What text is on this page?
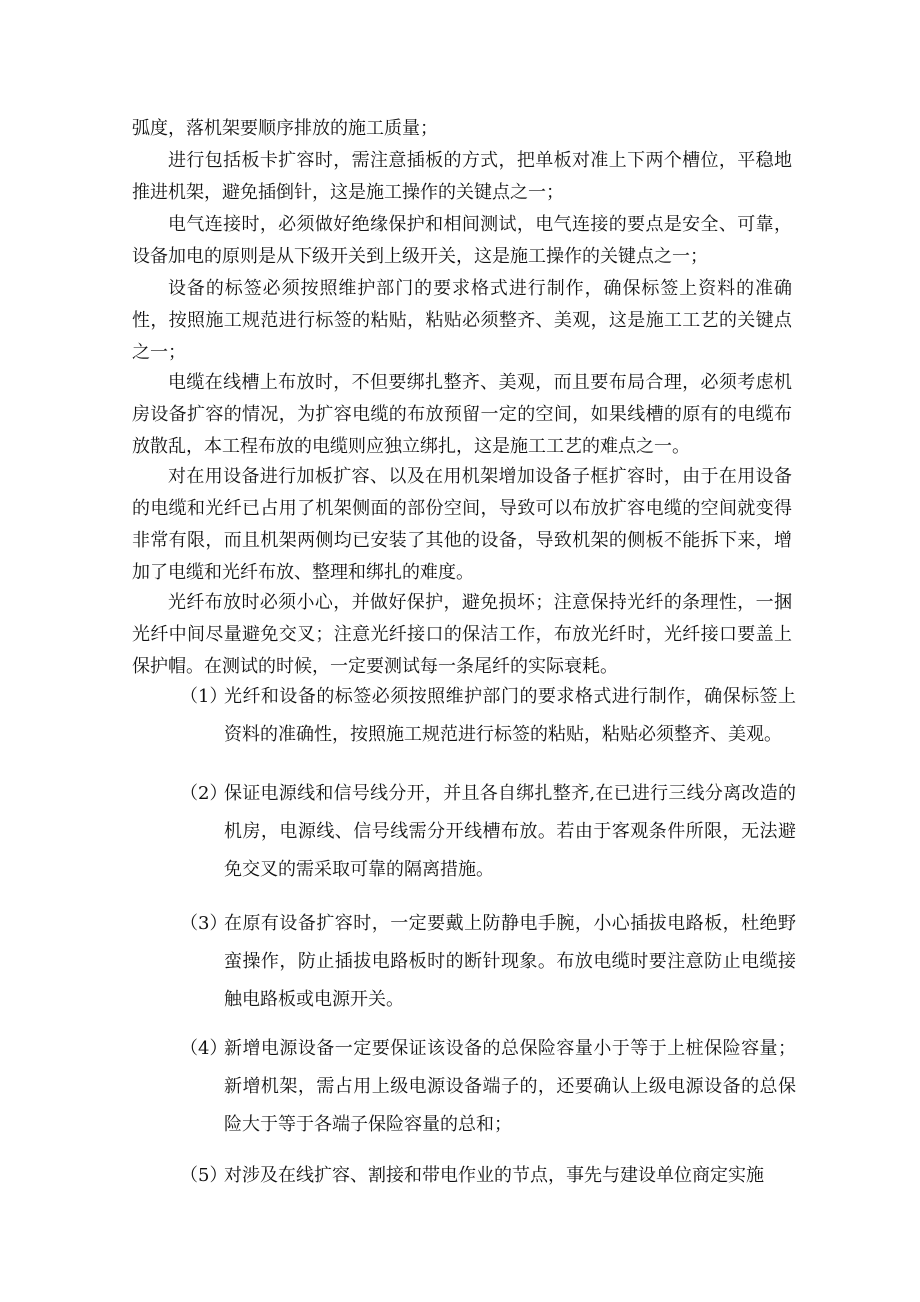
弧度，落机架要顺序排放的施工质量；

进行包括板卡扩容时，需注意插板的方式，把单板对准上下两个槽位，平稳地推进机架，避免插倒针，这是施工操作的关键点之一；

电气连接时，必须做好绝缘保护和相间测试，电气连接的要点是安全、可靠，设备加电的原则是从下级开关到上级开关，这是施工操作的关键点之一；

设备的标签必须按照维护部门的要求格式进行制作，确保标签上资料的准确性，按照施工规范进行标签的粘贴，粘贴必须整齐、美观，这是施工工艺的关键点之一；

电缆在线槽上布放时，不但要绑扎整齐、美观，而且要布局合理，必须考虑机房设备扩容的情况，为扩容电缆的布放预留一定的空间，如果线槽的原有的电缆布放散乱，本工程布放的电缆则应独立绑扎，这是施工工艺的难点之一。

对在用设备进行加板扩容、以及在用机架增加设备子框扩容时，由于在用设备的电缆和光纤已占用了机架侧面的部份空间，导致可以布放扩容电缆的空间就变得非常有限，而且机架两侧均已安装了其他的设备，导致机架的侧板不能拆下来，增加了电缆和光纤布放、整理和绑扎的难度。

光纤布放时必须小心，并做好保护，避免损坏；注意保持光纤的条理性，一捆光纤中间尽量避免交叉；注意光纤接口的保洁工作，布放光纤时，光纤接口要盖上保护帽。在测试的时候，一定要测试每一条尾纤的实际衰耗。

（1）
光纤和设备的标签必须按照维护部门的要求格式进行制作，确保标签上资料的准确性，按照施工规范进行标签的粘贴，粘贴必须整齐、美观。
（2）
保证电源线和信号线分开，并且各自绑扎整齐,在已进行三线分离改造的机房，电源线、信号线需分开线槽布放。若由于客观条件所限，无法避免交叉的需采取可靠的隔离措施。
（3）
在原有设备扩容时，一定要戴上防静电手腕，小心插拔电路板，杜绝野蛮操作，防止插拔电路板时的断针现象。布放电缆时要注意防止电缆接触电路板或电源开关。
（4）
新增电源设备一定要保证该设备的总保险容量小于等于上桩保险容量；新增机架，需占用上级电源设备端子的，还要确认上级电源设备的总保险大于等于各端子保险容量的总和；
（5）
对涉及在线扩容、割接和带电作业的节点，事先与建设单位商定实施
